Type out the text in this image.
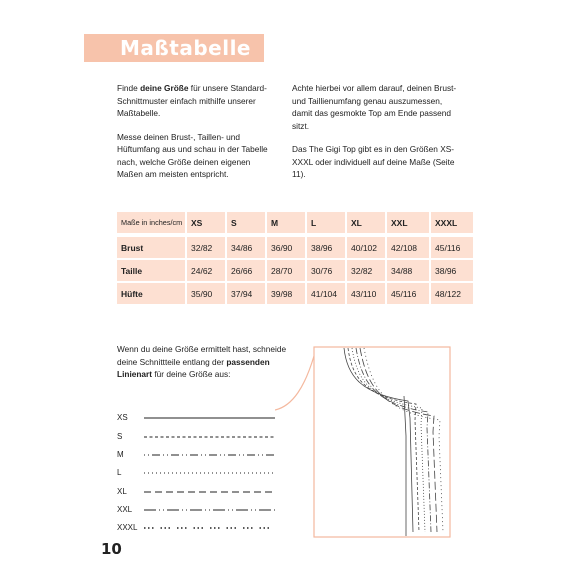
Maßtabelle

Finde deine Größe für unsere Standard-Schnittmuster einfach mithilfe unserer Maßtabelle.

Messe deinen Brust-, Taillen- und Hüftumfang aus und schau in der Tabelle nach, welche Größe deinen eigenen Maßen am meisten entspricht.

Achte hierbei vor allem darauf, deinen Brust- und Taillienumfang genau auszumessen, damit das gesmokte Top am Ende passend sitzt.

Das The Gigi Top gibt es in den Größen XS-XXXL oder individuell auf deine Maße (Seite 11).

Maße in inches/cm	XS	S	M	L	XL	XXL	XXXL
Brust	32/82	34/86	36/90	38/96	40/102	42/108	45/116
Taille	24/62	26/66	28/70	30/76	32/82	34/88	38/96
Hüfte	35/90	37/94	39/98	41/104	43/110	45/116	48/122
Wenn du deine Größe ermittelt hast, schneide deine Schnittteile entlang der passenden Linienart für deine Größe aus:
XS
S
M
L
XL
XXL
XXXL
10
